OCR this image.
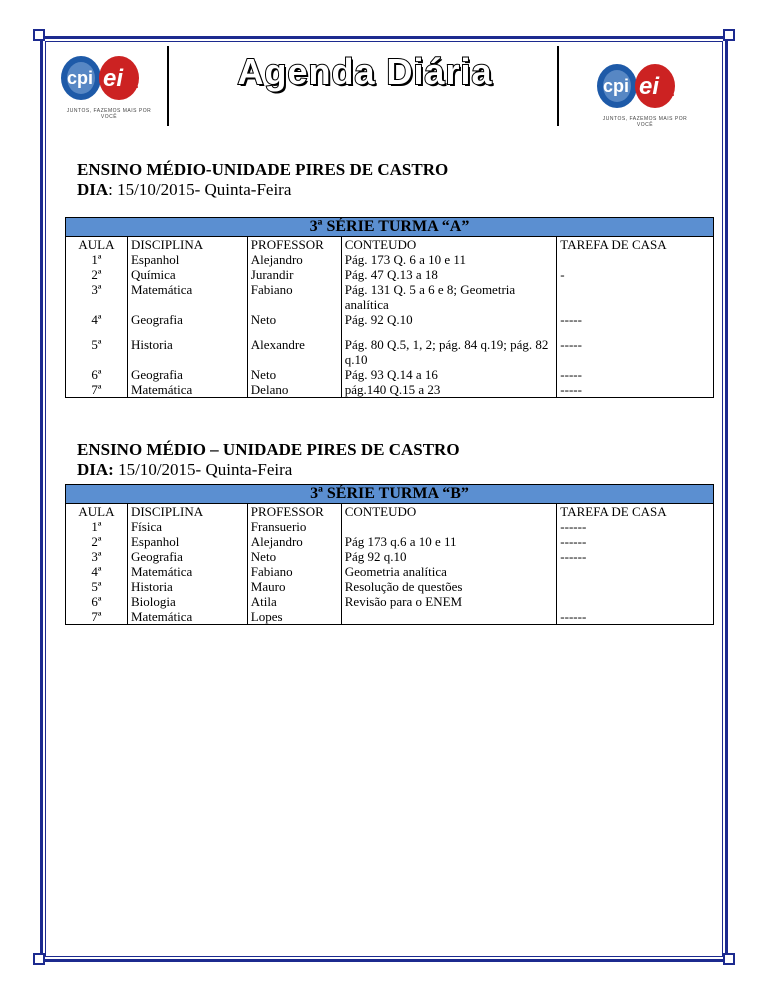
cpi ei ..
JUNTOS, FAZEMOS MAIS POR VOCÊ
Agenda Diária	cpi ei ..
JUNTOS, FAZEMOS MAIS POR VOCÊ
ENSINO MÉDIO-UNIDADE PIRES DE CASTRO
DIA: 15/10/2015- Quinta-Feira
3ª SÉRIE TURMA “A”				
AULA	DISCIPLINA	PROFESSOR	CONTEUDO	TAREFA DE CASA
1ª	Espanhol	Alejandro	Pág. 173 Q. 6 a 10 e 11	
2ª	Química	Jurandir	Pág. 47 Q.13 a 18	-
3ª	Matemática	Fabiano	Pág. 131 Q. 5 a 6 e 8; Geometria analítica	
4ª	Geografia	Neto	Pág. 92 Q.10	-----
5ª	Historia	Alexandre	Pág. 80 Q.5, 1, 2; pág. 84 q.19; pág. 82 q.10	-----
6ª	Geografia	Neto	Pág. 93 Q.14 a 16	-----
7ª	Matemática	Delano	pág.140 Q.15 a 23	-----
ENSINO MÉDIO – UNIDADE PIRES DE CASTRO
DIA: 15/10/2015- Quinta-Feira
3ª SÉRIE TURMA “B”				
AULA	DISCIPLINA	PROFESSOR	CONTEUDO	TAREFA DE CASA
1ª	Física	Fransuerio		------
2ª	Espanhol	Alejandro	Pág 173 q.6 a 10 e 11	------
3ª	Geografia	Neto	Pág 92 q.10	------
4ª	Matemática	Fabiano	Geometria analítica	
5ª	Historia	Mauro	Resolução de questões	
6ª	Biologia	Atila	Revisão para o ENEM	
7ª	Matemática	Lopes		------
